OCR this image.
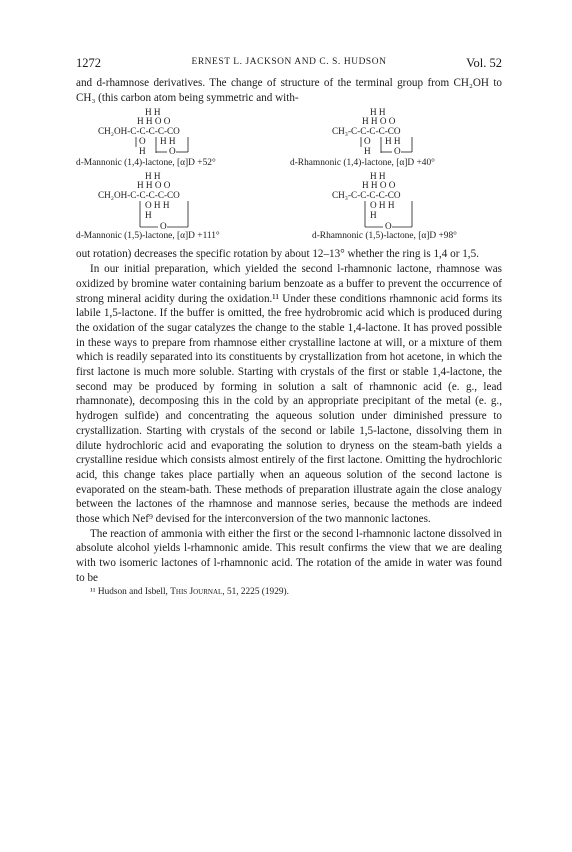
1272	ERNEST L. JACKSON AND C. S. HUDSON	Vol. 52

and d-rhamnose derivatives. The change of structure of the terminal group from CH₂OH to CH₃ (this carbon atom being symmetric and with-

H H
H H O O
CH₂OH-C-C-C-C-CO
O H H
H	O
d-Mannonic (1,4)-lactone, [α]D +52°
H H
H H O O
CH₃-C-C-C-C-CO
O H H
H	O
d-Rhamnonic (1,4)-lactone, [α]D +40°
H H
H H O O
CH₂OH-C-C-C-C-CO
O H H
H
O
d-Mannonic (1,5)-lactone, [α]D +111°
H H
H H O O
CH₃-C-C-C-C-CO
O H H
H
O
d-Rhamnonic (1,5)-lactone, [α]D +98°

out rotation) decreases the specific rotation by about 12–13° whether the ring is 1,4 or 1,5.

In our initial preparation, which yielded the second l-rhamnonic lactone, rhamnose was oxidized by bromine water containing barium benzoate as a buffer to prevent the occurrence of strong mineral acidity during the oxidation.¹¹ Under these conditions rhamnonic acid forms its labile 1,5-lactone. If the buffer is omitted, the free hydrobromic acid which is produced during the oxidation of the sugar catalyzes the change to the stable 1,4-lactone. It has proved possible in these ways to prepare from rhamnose either crystalline lactone at will, or a mixture of them which is readily separated into its constituents by crystallization from hot acetone, in which the first lactone is much more soluble. Starting with crystals of the first or stable 1,4-lactone, the second may be produced by forming in solution a salt of rhamnonic acid (e. g., lead rhamnonate), decomposing this in the cold by an appropriate precipitant of the metal (e. g., hydrogen sulfide) and concentrating the aqueous solution under diminished pressure to crystallization. Starting with crystals of the second or labile 1,5-lactone, dissolving them in dilute hydrochloric acid and evaporating the solution to dryness on the steam-bath yields a crystalline residue which consists almost entirely of the first lactone. Omitting the hydrochloric acid, this change takes place partially when an aqueous solution of the second lactone is evaporated on the steam-bath. These methods of preparation illustrate again the close analogy between the lactones of the rhamnose and mannose series, because the methods are indeed those which Nef⁹ devised for the interconversion of the two mannonic lactones.

The reaction of ammonia with either the first or the second l-rhamnonic lactone dissolved in absolute alcohol yields l-rhamnonic amide. This result confirms the view that we are dealing with two isomeric lactones of l-rhamnonic acid. The rotation of the amide in water was found to be

¹¹ Hudson and Isbell, This Journal, 51, 2225 (1929).
